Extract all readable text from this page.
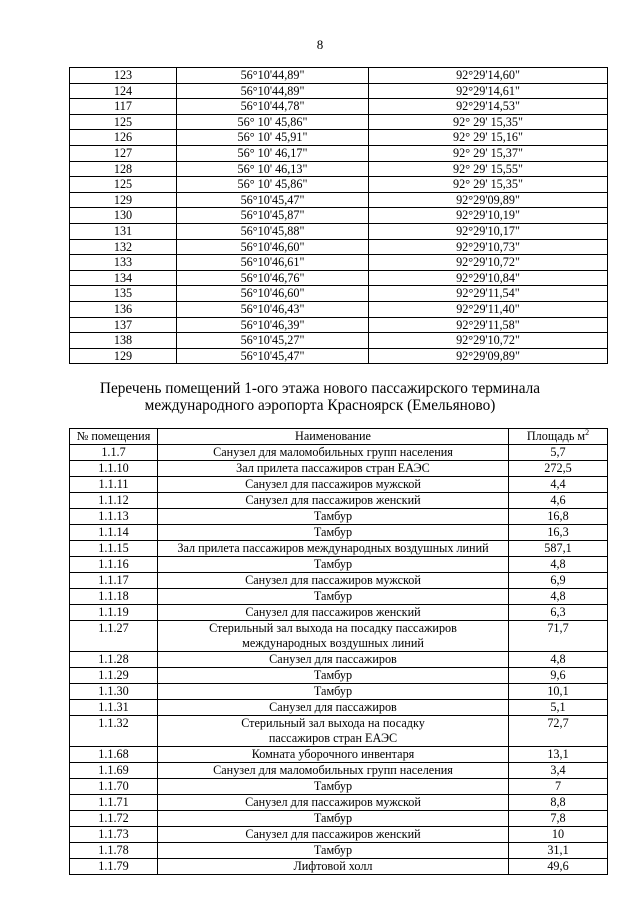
8
123	56°10'44,89"	92°29'14,60"
124	56°10'44,89"	92°29'14,61"
117	56°10'44,78"	92°29'14,53"
125	56° 10' 45,86"	92° 29' 15,35"
126	56° 10' 45,91"	92° 29' 15,16"
127	56° 10' 46,17"	92° 29' 15,37"
128	56° 10' 46,13"	92° 29' 15,55"
125	56° 10' 45,86"	92° 29' 15,35"
129	56°10'45,47"	92°29'09,89"
130	56°10'45,87"	92°29'10,19"
131	56°10'45,88"	92°29'10,17"
132	56°10'46,60"	92°29'10,73"
133	56°10'46,61"	92°29'10,72"
134	56°10'46,76"	92°29'10,84"
135	56°10'46,60"	92°29'11,54"
136	56°10'46,43"	92°29'11,40"
137	56°10'46,39"	92°29'11,58"
138	56°10'45,27"	92°29'10,72"
129	56°10'45,47"	92°29'09,89"
Перечень помещений 1-ого этажа нового пассажирского терминала
международного аэропорта Красноярск (Емельяново)
№ помещения	Наименование	Площадь $м^2$
1.1.7	Санузел для маломобильных групп населения	5,7
1.1.10	Зал прилета пассажиров стран ЕАЭС	272,5
1.1.11	Санузел для пассажиров мужской	4,4
1.1.12	Санузел для пассажиров женский	4,6
1.1.13	Тамбур	16,8
1.1.14	Тамбур	16,3
1.1.15	Зал прилета пассажиров международных воздушных линий	587,1
1.1.16	Тамбур	4,8
1.1.17	Санузел для пассажиров мужской	6,9
1.1.18	Тамбур	4,8
1.1.19	Санузел для пассажиров женский	6,3
1.1.27	Стерильный зал выхода на посадку пассажиров
международных воздушных линий	71,7
1.1.28	Санузел для пассажиров	4,8
1.1.29	Тамбур	9,6
1.1.30	Тамбур	10,1
1.1.31	Санузел для пассажиров	5,1
1.1.32	Стерильный зал выхода на посадку
пассажиров стран ЕАЭС	72,7
1.1.68	Комната уборочного инвентаря	13,1
1.1.69	Санузел для маломобильных групп населения	3,4
1.1.70	Тамбур	7
1.1.71	Санузел для пассажиров мужской	8,8
1.1.72	Тамбур	7,8
1.1.73	Санузел для пассажиров женский	10
1.1.78	Тамбур	31,1
1.1.79	Лифтовой холл	49,6
